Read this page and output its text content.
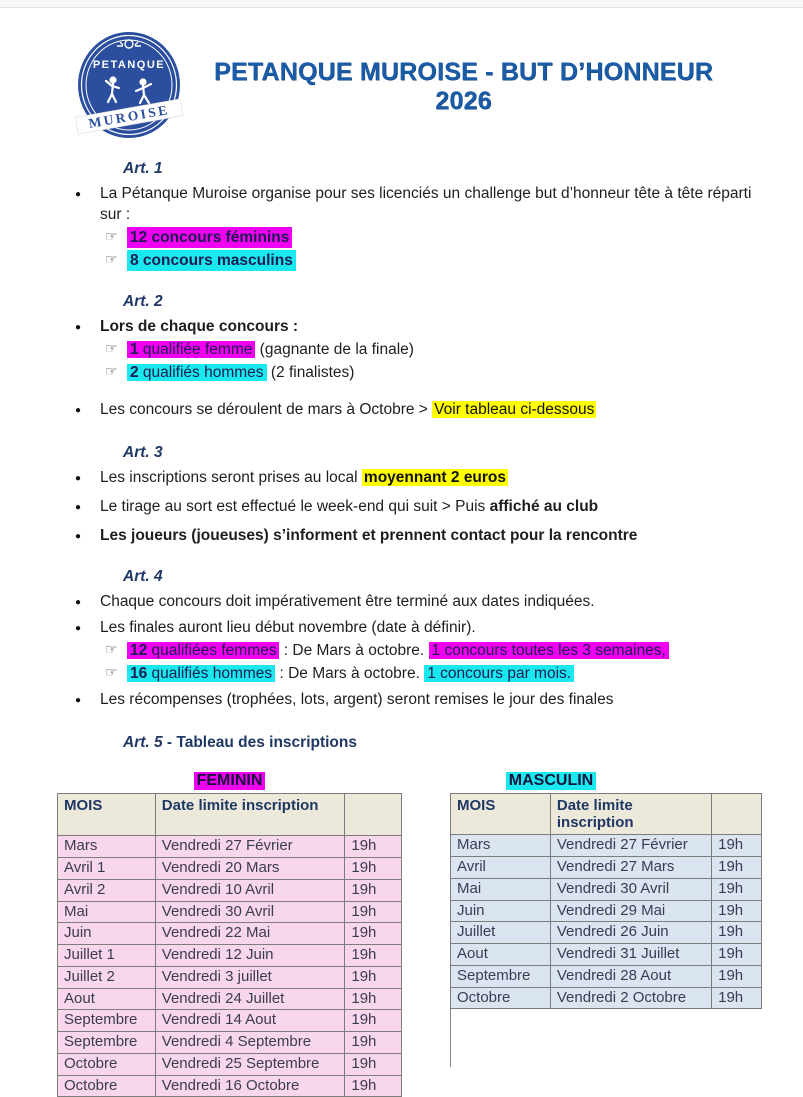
PETANQUE
MUROISE
PETANQUE MUROISE - BUT D’HONNEUR 2026
Art. 1
●	La Pétanque Muroise organise pour ses licenciés un challenge but d’honneur tête à tête réparti sur :
☞ 12 concours féminins
☞ 8 concours masculins
Art. 2
●	Lors de chaque concours :
☞ 1 qualifiée femme (gagnante de la finale)
☞ 2 qualifiés hommes (2 finalistes)
●	Les concours se déroulent de mars à Octobre > Voir tableau ci-dessous
Art. 3
●	Les inscriptions seront prises au local moyennant 2 euros
●	Le tirage au sort est effectué le week-end qui suit > Puis affiché au club
●	Les joueurs (joueuses) s’informent et prennent contact pour la rencontre
Art. 4
●	Chaque concours doit impérativement être terminé aux dates indiquées.
●	Les finales auront lieu début novembre (date à définir).
☞ 12 qualifiées femmes : De Mars à octobre. 1 concours toutes les 3 semaines,
☞ 16 qualifiés hommes : De Mars à octobre. 1 concours par mois.
●	Les récompenses (trophées, lots, argent) seront remises le jour des finales
Art. 5 - Tableau des inscriptions
FEMININ
MOIS	Date limite inscription	
Mars	Vendredi 27 Février	19h
Avril 1	Vendredi 20 Mars	19h
Avril 2	Vendredi 10 Avril	19h
Mai	Vendredi 30 Avril	19h
Juin	Vendredi 22 Mai	19h
Juillet 1	Vendredi 12 Juin	19h
Juillet 2	Vendredi 3 juillet	19h
Aout	Vendredi 24 Juillet	19h
Septembre	Vendredi 14 Aout	19h
Septembre	Vendredi 4 Septembre	19h
Octobre	Vendredi 25 Septembre	19h
Octobre	Vendredi 16 Octobre	19h
MASCULIN
MOIS	Date limite inscription	
Mars	Vendredi 27 Février	19h
Avril	Vendredi 27 Mars	19h
Mai	Vendredi 30 Avril	19h
Juin	Vendredi 29 Mai	19h
Juillet	Vendredi 26 Juin	19h
Aout	Vendredi 31 Juillet	19h
Septembre	Vendredi 28 Aout	19h
Octobre	Vendredi 2 Octobre	19h
